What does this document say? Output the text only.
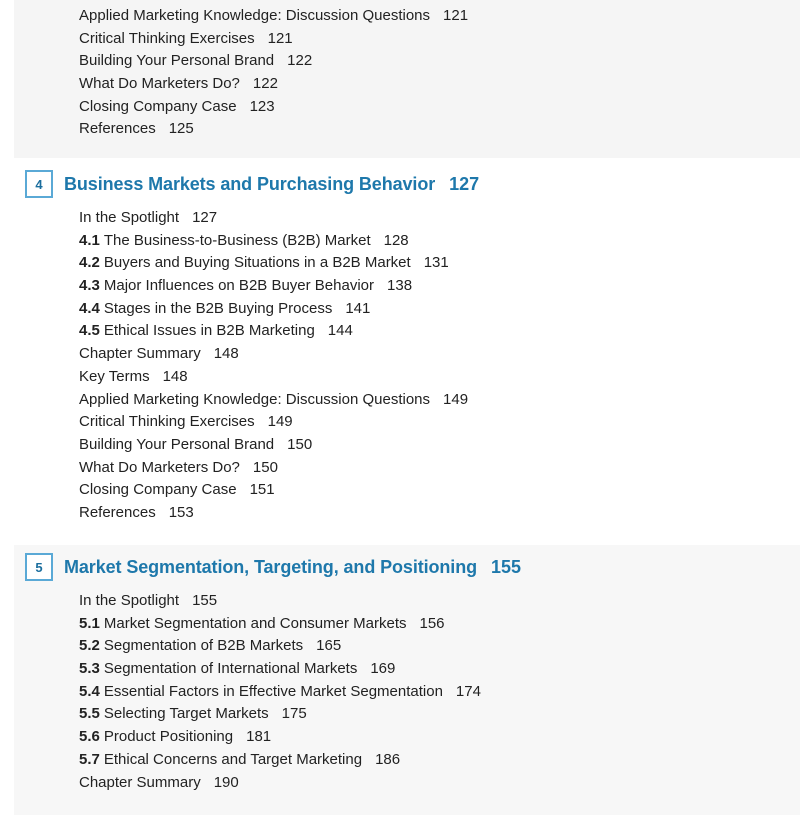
Applied Marketing Knowledge: Discussion Questions 121
Critical Thinking Exercises 121
Building Your Personal Brand 122
What Do Marketers Do? 122
Closing Company Case 123
References 125
4	Business Markets and Purchasing Behavior 127
In the Spotlight 127
4.1 The Business-to-Business (B2B) Market 128
4.2 Buyers and Buying Situations in a B2B Market 131
4.3 Major Influences on B2B Buyer Behavior 138
4.4 Stages in the B2B Buying Process 141
4.5 Ethical Issues in B2B Marketing 144
Chapter Summary 148
Key Terms 148
Applied Marketing Knowledge: Discussion Questions 149
Critical Thinking Exercises 149
Building Your Personal Brand 150
What Do Marketers Do? 150
Closing Company Case 151
References 153
5	Market Segmentation, Targeting, and Positioning 155
In the Spotlight 155
5.1 Market Segmentation and Consumer Markets 156
5.2 Segmentation of B2B Markets 165
5.3 Segmentation of International Markets 169
5.4 Essential Factors in Effective Market Segmentation 174
5.5 Selecting Target Markets 175
5.6 Product Positioning 181
5.7 Ethical Concerns and Target Marketing 186
Chapter Summary 190
